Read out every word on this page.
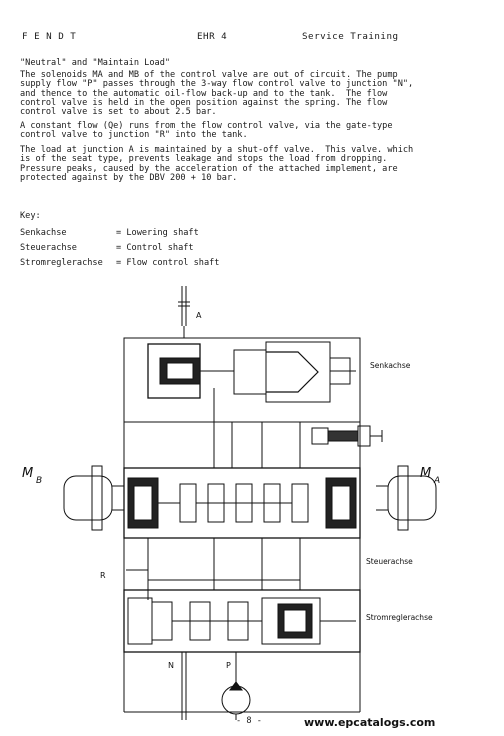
F E N D T	EHR 4	Service Training
"Neutral" and "Maintain Load"
The solenoids MA and MB of the control valve are out of circuit. The pump
supply flow "P" passes through the 3-way flow control valve to junction "N",
and thence to the automatic oil-flow back-up and to the tank.  The flow
control valve is held in the open position against the spring. The flow
control valve is set to about 2.5 bar.
A constant flow (Qe) runs from the flow control valve, via the gate-type
control valve to junction "R" into the tank.
The load at junction A is maintained by a shut-off valve.  This valve. which
is of the seat type, prevents leakage and stops the load from dropping.
Pressure peaks, caused by the acceleration of the attached implement, are
protected against by the DBV 200 + 10 bar.
Key:
Senkachse	= Lowering shaft
Steuerachse	= Control shaft
Stromreglerachse = Flow control shaft
A
Senkachse
Steuerachse
Stromreglerachse
R
N	P
M B	M A
- 8 -	www.epcatalogs.com
